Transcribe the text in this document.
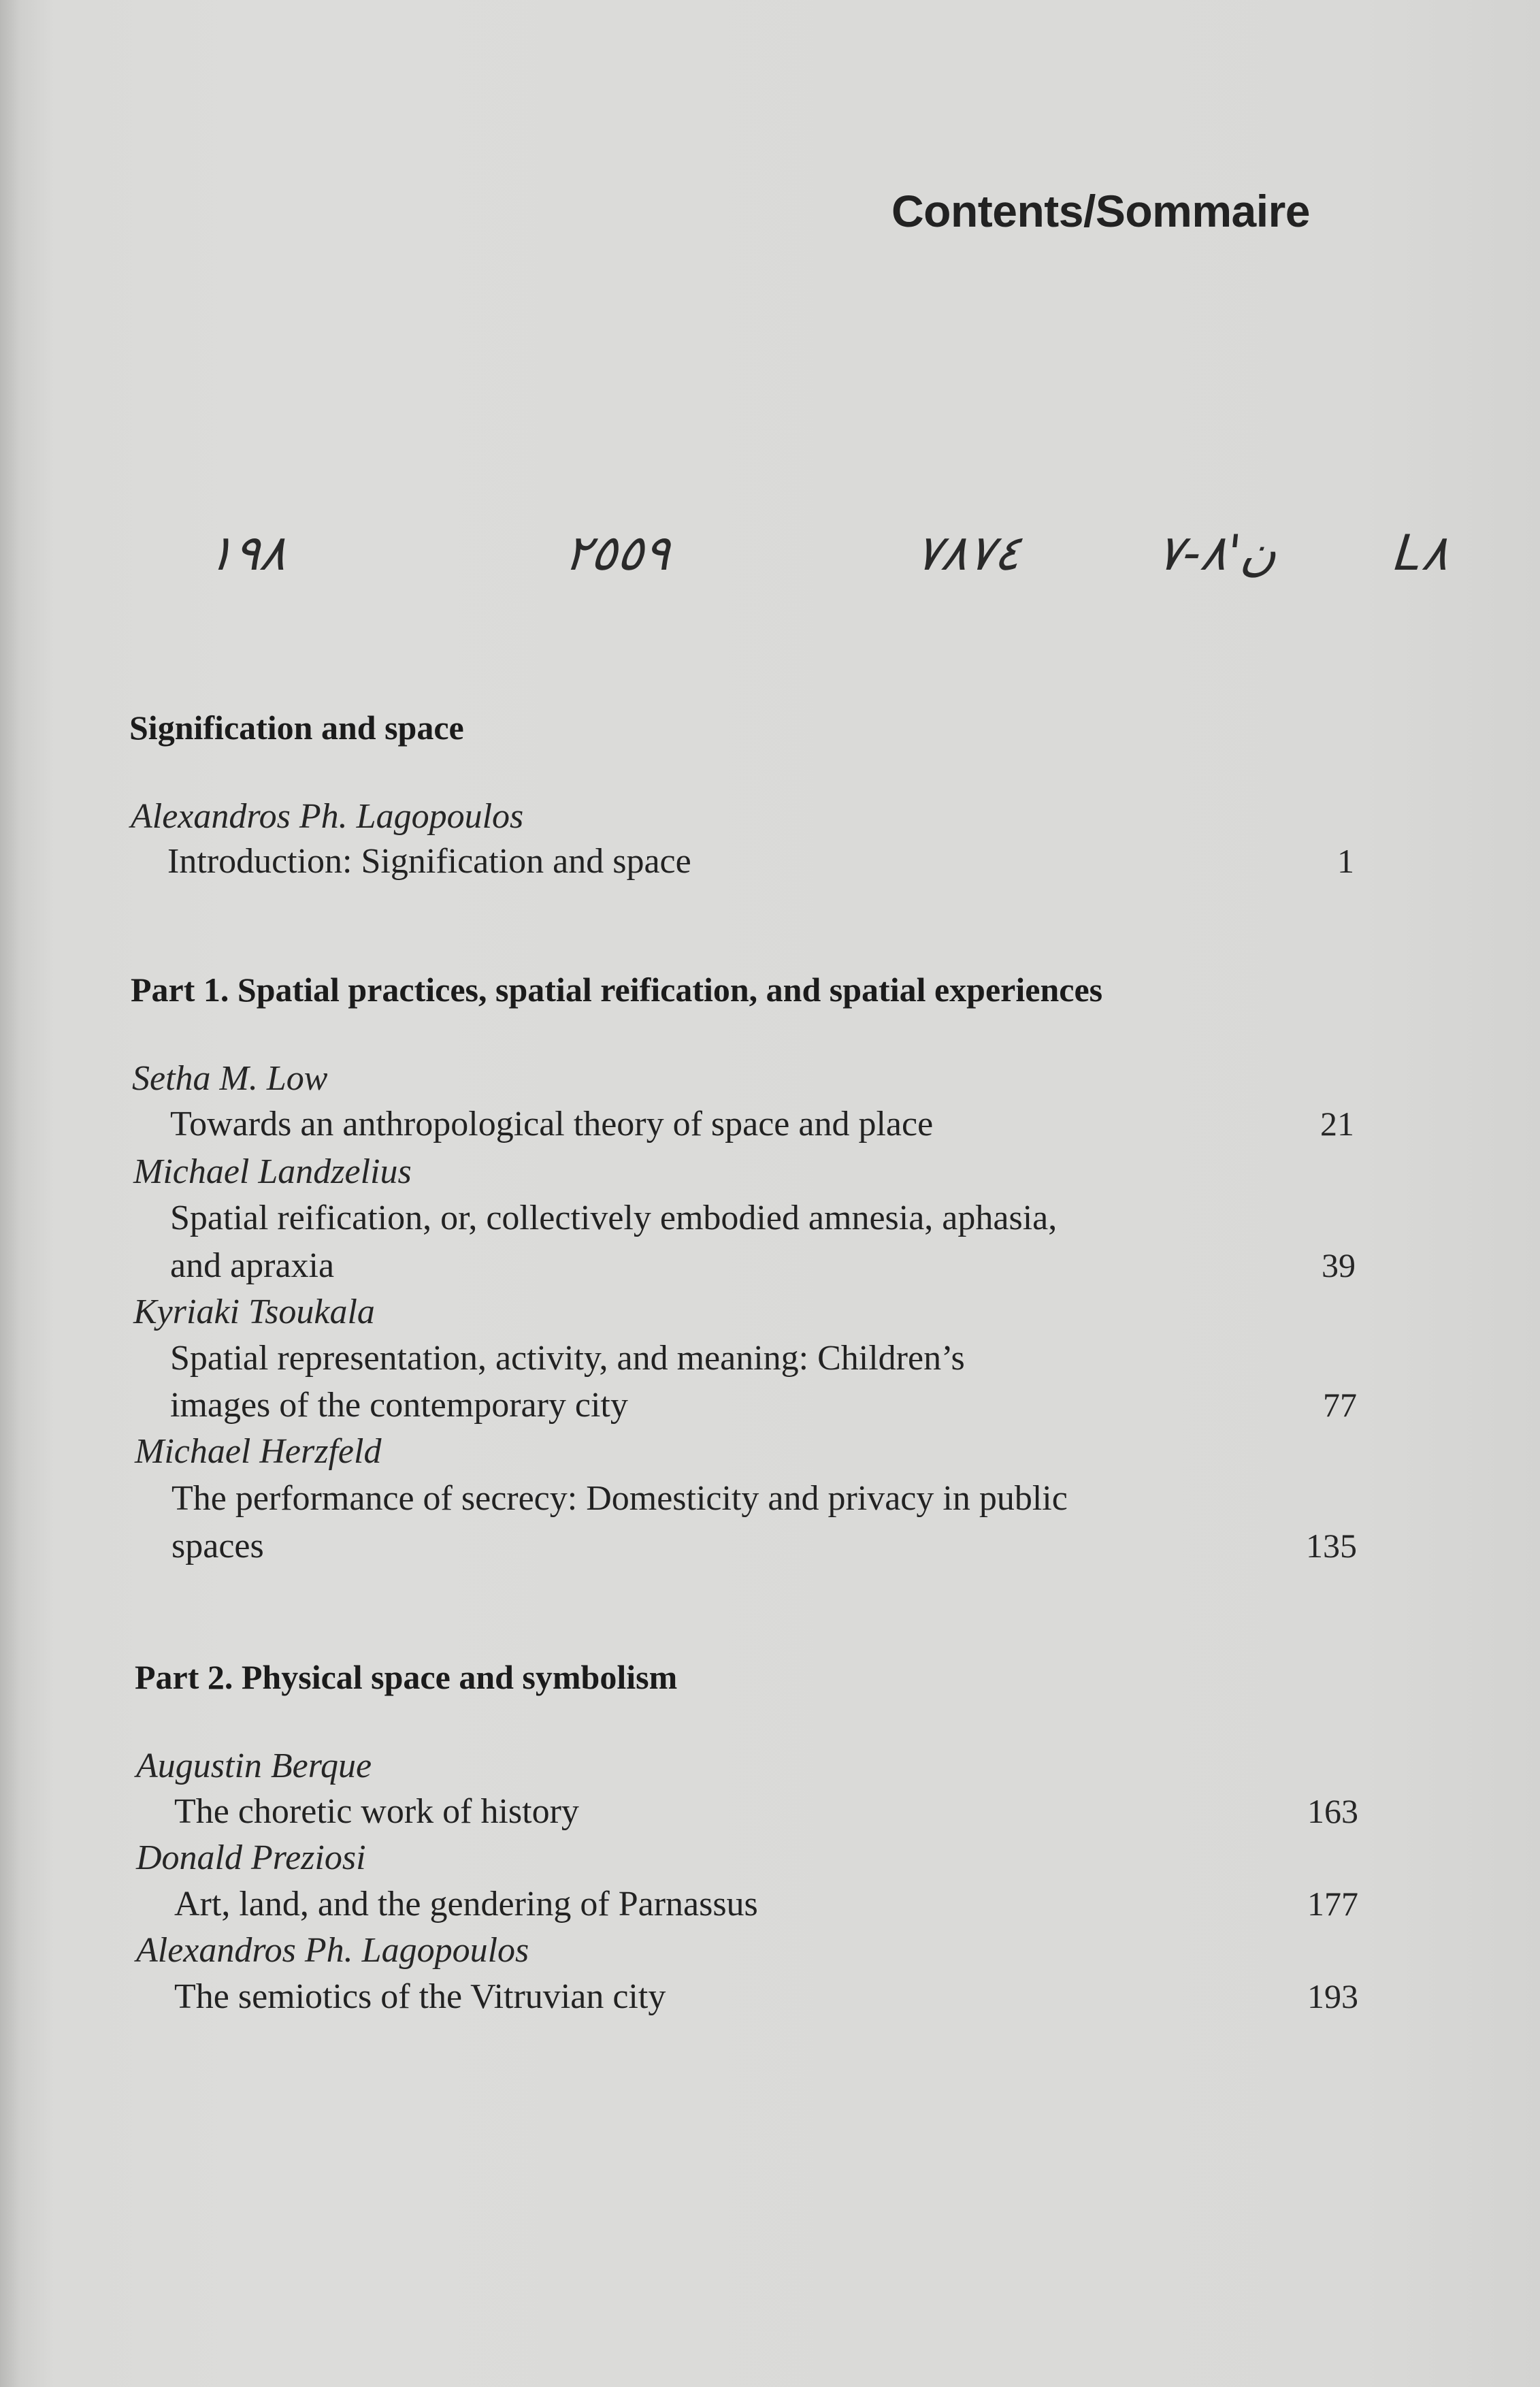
Contents/Sommaire
١٩٨	٢٥٥٩	٧٨٧٤	ن'٨-٧ L٨
Signification and space
Alexandros Ph. Lagopoulos
Introduction: Signification and space	1
Part 1. Spatial practices, spatial reification, and spatial experiences
Setha M. Low
Towards an anthropological theory of space and place	21
Michael Landzelius
Spatial reification, or, collectively embodied amnesia, aphasia,
and apraxia	39
Kyriaki Tsoukala
Spatial representation, activity, and meaning: Children’s
images of the contemporary city	77
Michael Herzfeld
The performance of secrecy: Domesticity and privacy in public
spaces	135
Part 2. Physical space and symbolism
Augustin Berque
The choretic work of history	163
Donald Preziosi
Art, land, and the gendering of Parnassus	177
Alexandros Ph. Lagopoulos
The semiotics of the Vitruvian city	193
